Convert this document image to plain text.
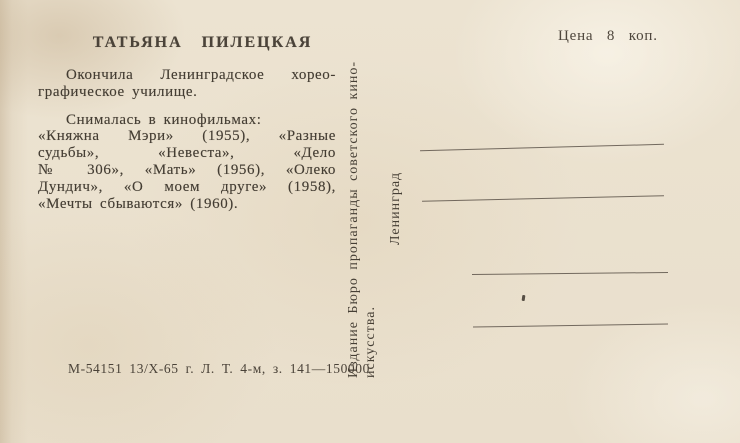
ТАТЬЯНА ПИЛЕЦКАЯ	Цена 8 коп.
Окончила Ленинградское хорео-
графическое училище.
Снималась в кинофильмах:
«Княжна Мэри» (1955), «Разные
судьбы», «Невеста», «Дело
№ 306», «Мать» (1956), «Олеко
Дундич», «О моем друге» (1958),
«Мечты сбываются» (1960).	Издание Бюро пропаганды советского кино- искусства.
Ленинград
М-54151 13/X-65 г. Л. Т. 4-м, з. 141—150000
